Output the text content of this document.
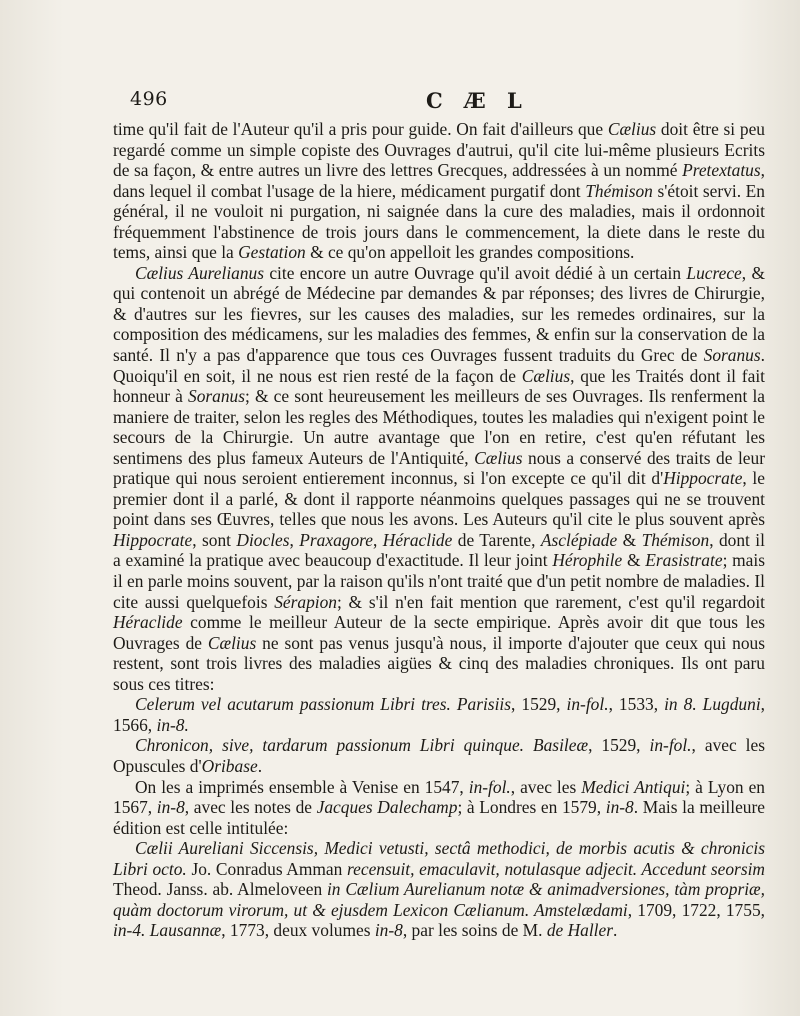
496	C Æ L

time qu'il fait de l'Auteur qu'il a pris pour guide. On fait d'ailleurs que Cælius doit être si peu regardé comme un simple copiste des Ouvrages d'autrui, qu'il cite lui-même plusieurs Ecrits de sa façon, & entre autres un livre des lettres Grecques, addressées à un nommé Pretextatus, dans lequel il combat l'usage de la hiere, médicament purgatif dont Thémison s'étoit servi. En général, il ne vouloit ni purgation, ni saignée dans la cure des maladies, mais il ordonnoit fréquemment l'abstinence de trois jours dans le commencement, la diete dans le reste du tems, ainsi que la Gestation & ce qu'on appelloit les grandes compositions.

Cælius Aurelianus cite encore un autre Ouvrage qu'il avoit dédié à un certain Lucrece, & qui contenoit un abrégé de Médecine par demandes & par réponses; des livres de Chirurgie, & d'autres sur les fievres, sur les causes des maladies, sur les remedes ordinaires, sur la composition des médicamens, sur les maladies des femmes, & enfin sur la conservation de la santé. Il n'y a pas d'apparence que tous ces Ouvrages fussent traduits du Grec de Soranus. Quoiqu'il en soit, il ne nous est rien resté de la façon de Cælius, que les Traités dont il fait honneur à Soranus; & ce sont heureusement les meilleurs de ses Ouvrages. Ils renferment la maniere de traiter, selon les regles des Méthodiques, toutes les maladies qui n'exigent point le secours de la Chirurgie. Un autre avantage que l'on en retire, c'est qu'en réfutant les sentimens des plus fameux Auteurs de l'Antiquité, Cælius nous a conservé des traits de leur pratique qui nous seroient entierement inconnus, si l'on excepte ce qu'il dit d'Hippocrate, le premier dont il a parlé, & dont il rapporte néanmoins quelques passages qui ne se trouvent point dans ses Œuvres, telles que nous les avons. Les Auteurs qu'il cite le plus souvent après Hippocrate, sont Diocles, Praxagore, Héraclide de Tarente, Asclépiade & Thémison, dont il a examiné la pratique avec beaucoup d'exactitude. Il leur joint Hérophile & Erasistrate; mais il en parle moins souvent, par la raison qu'ils n'ont traité que d'un petit nombre de maladies. Il cite aussi quelquefois Sérapion; & s'il n'en fait mention que rarement, c'est qu'il regardoit Héraclide comme le meilleur Auteur de la secte empirique. Après avoir dit que tous les Ouvrages de Cælius ne sont pas venus jusqu'à nous, il importe d'ajouter que ceux qui nous restent, sont trois livres des maladies aigües & cinq des maladies chroniques. Ils ont paru sous ces titres:

Celerum vel acutarum passionum Libri tres. Parisiis, 1529, in-fol., 1533, in 8. Lugduni, 1566, in-8.

Chronicon, sive, tardarum passionum Libri quinque. Basileæ, 1529, in-fol., avec les Opuscules d'Oribase.

On les a imprimés ensemble à Venise en 1547, in-fol., avec les Medici Antiqui; à Lyon en 1567, in-8, avec les notes de Jacques Dalechamp; à Londres en 1579, in-8. Mais la meilleure édition est celle intitulée:

Cælii Aureliani Siccensis, Medici vetusti, sectâ methodici, de morbis acutis & chronicis Libri octo. Jo. Conradus Amman recensuit, emaculavit, notulasque adjecit. Accedunt seorsim Theod. Janss. ab. Almeloveen in Cælium Aurelianum notæ & animadversiones, tàm propriæ, quàm doctorum virorum, ut & ejusdem Lexicon Cælianum. Amstelædami, 1709, 1722, 1755, in-4. Lausannæ, 1773, deux volumes in-8, par les soins de M. de Haller.
